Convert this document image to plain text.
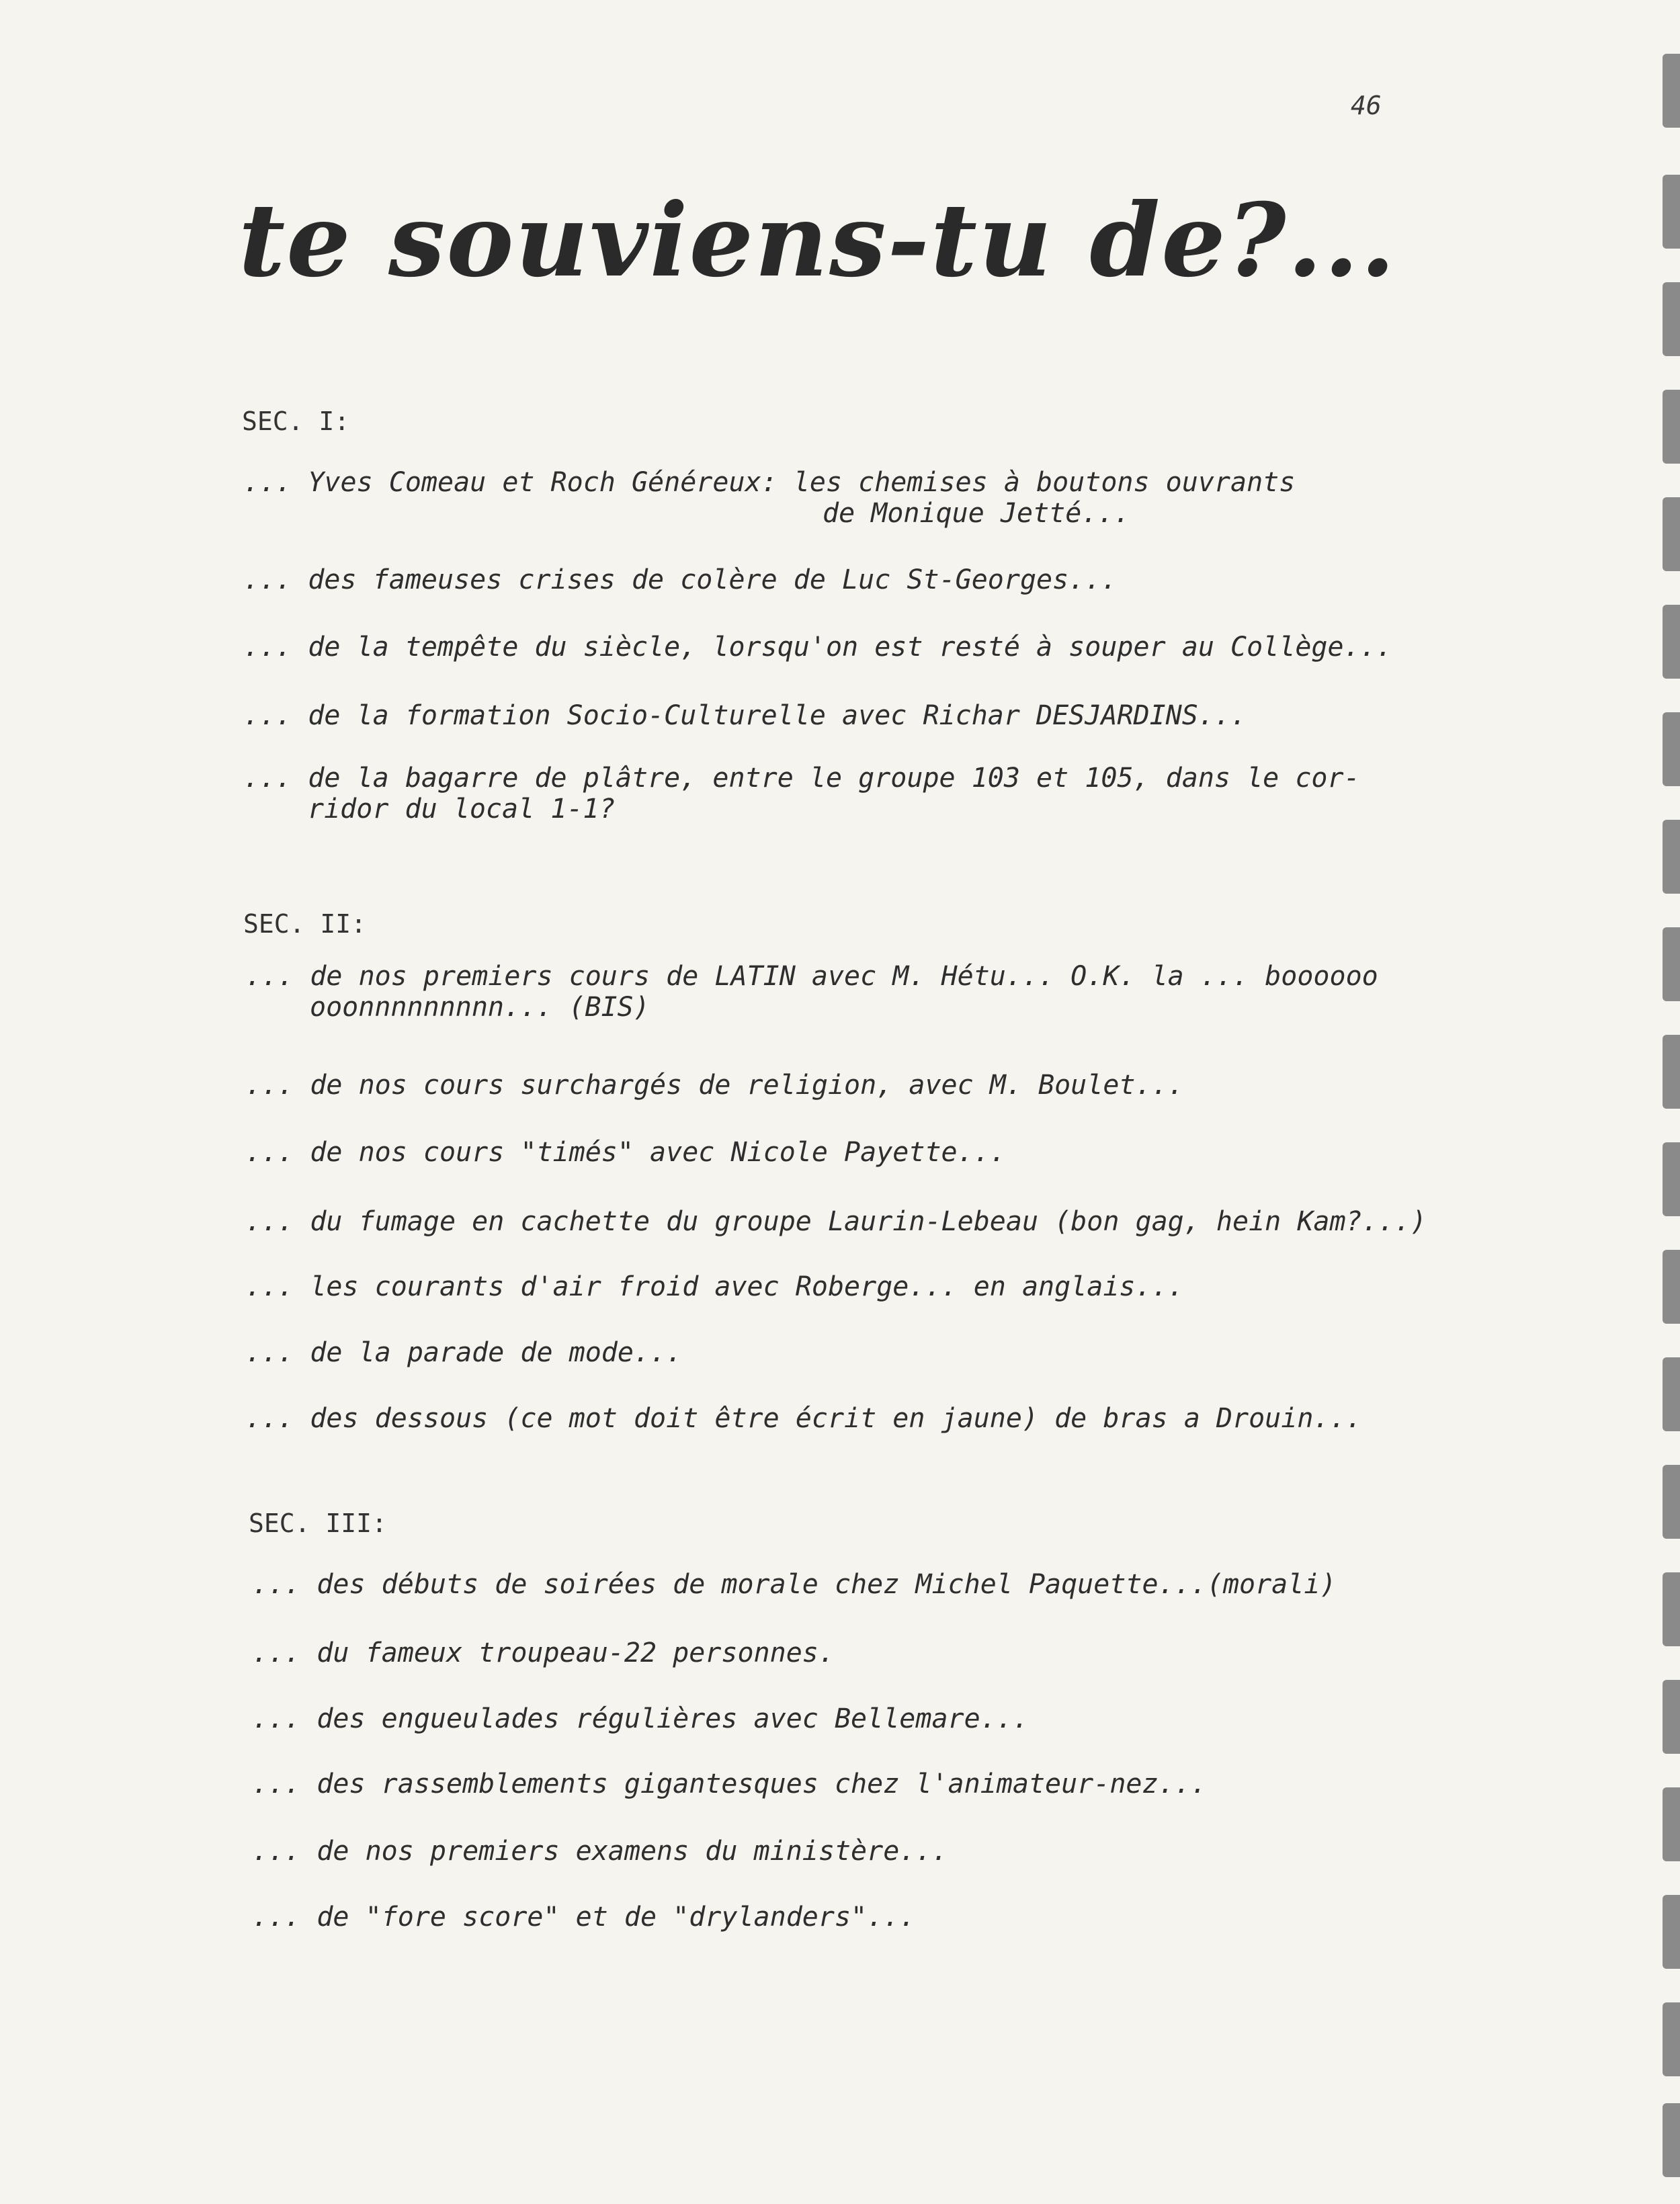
46
te souviens-tu de?...
SEC. I:
... Yves Comeau et Roch Généreux: les chemises à boutons ouvrants
de Monique Jetté...
... des fameuses crises de colère de Luc St-Georges...
... de la tempête du siècle, lorsqu'on est resté à souper au Collège...
... de la formation Socio-Culturelle avec Richar DESJARDINS...
... de la bagarre de plâtre, entre le groupe 103 et 105, dans le cor-
ridor du local 1-1?
SEC. II:
... de nos premiers cours de LATIN avec M. Hétu... O.K. la ... boooooo
ooonnnnnnnnn... (BIS)
... de nos cours surchargés de religion, avec M. Boulet...
... de nos cours "timés" avec Nicole Payette...
... du fumage en cachette du groupe Laurin-Lebeau (bon gag, hein Kam?...)
... les courants d'air froid avec Roberge... en anglais...
... de la parade de mode...
... des dessous (ce mot doit être écrit en jaune) de bras a Drouin...
SEC. III:
... des débuts de soirées de morale chez Michel Paquette...(morali)
... du fameux troupeau-22 personnes.
... des engueulades régulières avec Bellemare...
... des rassemblements gigantesques chez l'animateur-nez...
... de nos premiers examens du ministère...
... de "fore score" et de "drylanders"...
